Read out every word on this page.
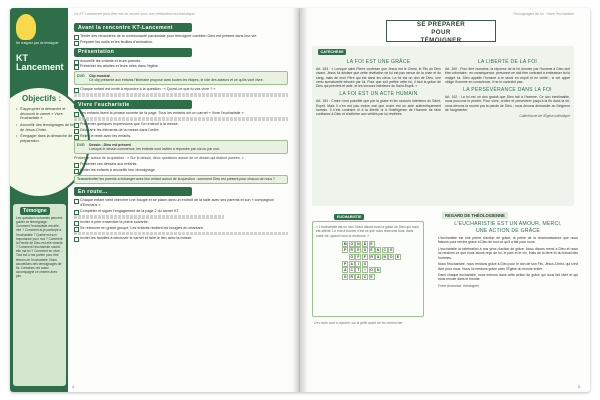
Ne craignez pas de témoigner
KT
Lancement
Objectifs :
• S'approprier la démarche et découvrir le carnet « Vivre l'eucharistie ».
• Accueillir des témoignages de foi de Jésus-Christ.
• S'engager dans la démarche de préparation.
Témoigne
Les questions suivantes peuvent guider ce témoignage : Comment l'eucharistie est-elle née ? Comment ai-je participé à l'eucharistie ? Quelle est son importance pour moi ? Comment la Parole de Dieu est-elle vivante ? Comment l'eucharistie nourrit-elle ma foi ? Comment en vivre... Tout est à ma portée pour être témoin de l'eucharistie. Nous accueillons des témoignages de foi. Certaines ont aussi accompagné ce chemin avec joie.
Ce KT Lancement peut être mis en œuvre sous une célébration eucharistique.
Avant la rencontre KT-Lancement
Tenter des rencontres de la communauté paroissiale pour témoigner combien Dieu est présent dans leur vie.
Préparer les outils et les feuilles d'animation.
Présentation
Accueillir les enfants et leurs parents.
Présenter les adultes et leurs rôles dans l'église.
DVD Clip musical
Ce clip présente aux enfants l'itinéraire proposé avec toutes les étapes, le rôle des acteurs et ce qu'ils vont vivre.
Chaque enfant est invité à répondre à la question : « Qu'est-ce que tu vas vivre ? »
Vivre l'eucharistie
Les enfants lisent la phrase ouverte de la page. Tous les enfants ont un carnet « Vivre l'eucharistie ».
Présenter quelques expressions que l'on entend à la messe.
Découvrir les éléments de la messe dans l'ordre.
Relire le texte avec les enfants.
DVD Dessin - Dieu est présent
Lorsque le dessin commence, les enfants sont invités à répondre par oui ou par non.
Prolonger autour de la question : « Sur le dessin, deux questions autour de ce dessin qui étaient posées. »
Présenter ces dessins aux enfants.
Inviter les enfants à accueillir leur témoignage.
Temoin Inviter les parents à échanger avec leur enfant autour de la question : comment Dieu est présent pour chacun de nous ?
En route...
Chaque enfant vient chercher une bougie et se place dans un endroit de la salle avec ses parents et son « compagnon d'Emmaüs ».
Compléter et signer l'engagement de la page 2 du carnet KT.
Inviter à prier ensemble la prière suivante.
Se retrouver en grand groupe. Les enfants récitent les bougies en chantant.
Inviter les familles à découvrir le carnet et faire le lien avec la messe.
4
Témoignages de foi · Vivre l'eucharistie
SE PRÉPARER
POUR
TÉMOIGNER
CATÉCHÈSE
LA FOI EST UNE GRÂCE
Art. 153 : « Lorsque saint Pierre confesse que Jésus est le Christ, le Fils du Dieu vivant, Jésus lui déclare que cette révélation ne lui est pas venue de la chair et du sang, mais de mon Père qui est dans les cieux. La foi est un don de Dieu, une vertu surnaturelle infusée par lui. Pour que soit prêtée cette foi, il faut la grâce de Dieu qui prévient et aide, et les secours intérieurs du Saint-Esprit. »
LA FOI EST UN ACTE HUMAIN
Art. 154 : Croire n'est possible que par la grâce et les secours intérieurs du Saint-Esprit. Mais il n'en est pas moins vrai que croire est un acte authentiquement humain. Il n'est contraire ni à la liberté ni à l'intelligence de l'homme de faire confiance à Dieu et d'adhérer aux vérités par lui révélées.
LA LIBERTÉ DE LA FOI
Art. 160 : Pour être humaine, la réponse de la foi donnée par l'homme à Dieu doit être volontaire ; en conséquence, personne ne doit être contraint à embrasser la foi malgré lui. Dieu appelle l'homme à le servir en esprit et en vérité ; si cet appel oblige l'homme en conscience, il ne le contraint pas.
LA PERSÉVÉRANCE DANS LA FOI
Art. 162 : La foi est un don gratuit que Dieu fait à l'homme. Ce don inestimable, nous pouvons le perdre. Pour vivre, croître et persévérer jusqu'à la fin dans la foi, nous devons la nourrir par la parole de Dieu ; nous devons demander au Seigneur de l'augmenter.
Catéchisme de l'Église catholique
EUCHARISTIE	REGARD DE THÉOLOGIENNE
« L'eucharistie est un don. Nous disons tous la grâce de Dieu qui nous est offerte. Le mot à trouver c'est ce que nous recevons tous, dans notre vie, quand nous la recevons. »
M	O	N	D	E
P	R	E	S	E	N	C	E
O	F	F	R	A	N	D	E
P	A	I	X
A	C	T	I	O	N
G	R	A	C	E
Ces mots sont à reporter sur la grille avant de les rechercher.
L'EUCHARISTIE EST UN AMOUR, MERCI,
UNE ACTION DE GRÂCE

L'eucharistie est une prière d'action de grâce, la prière de la reconnaissance que nous faisons pour rendre grâce à Dieu de tout ce qu'il a fait pour nous.

L'eucharistie la célébration à nos yeux d'action de grâce. Nous disons merci à Dieu et nous lui rendons ce que nous avons reçu de lui, le pain et le vin, fruits de la terre et du travail des hommes.

Nous l'eucharistie, nous rendons grâce à Dieu pour le don de son Fils, Jésus-Christ, qui s'est livré pour nous. Nous lui rendons grâce avec l'Église du monde entier.

Dans chaque eucharistie, nous entrons dans cette action de grâce qui nous fait vivre et qui nous envoie dans le monde.

Frère Ambroise, théologien

5
